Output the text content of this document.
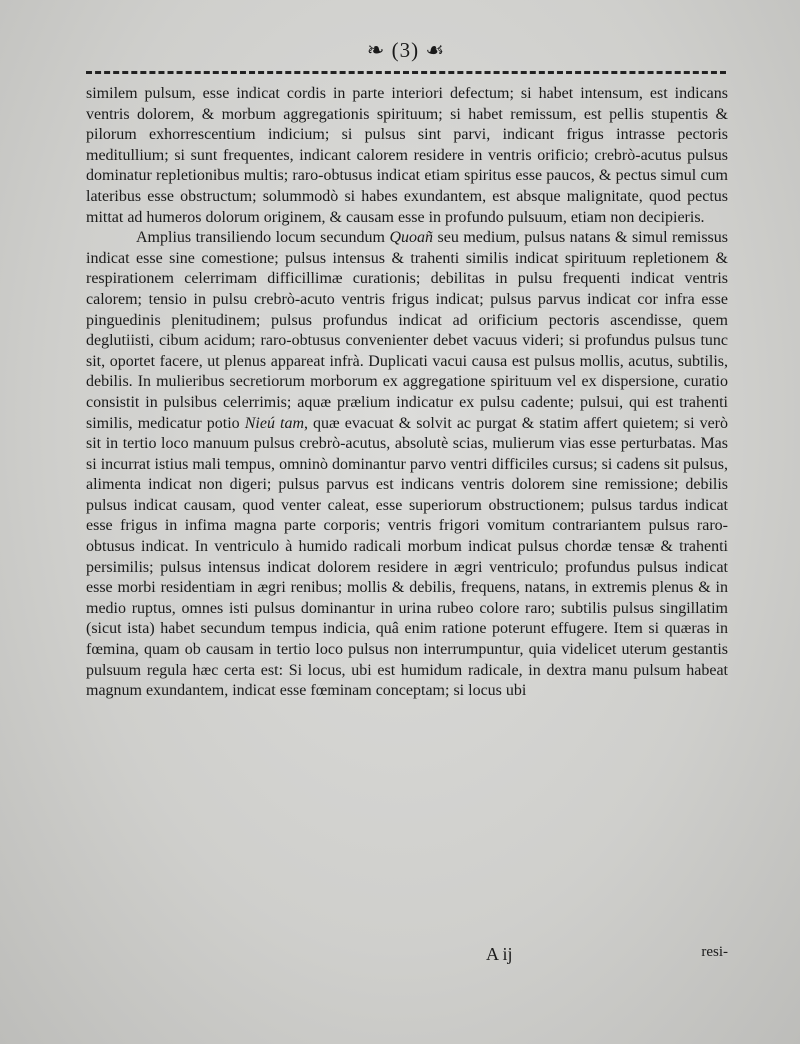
❧ (3) ☙

similem pulsum, esse indicat cordis in parte interiori defectum; si habet intensum, est indicans ventris dolorem, & morbum aggregationis spirituum; si habet remissum, est pellis stupentis & pilorum exhorrescentium indicium; si pulsus sint parvi, indicant frigus intrasse pectoris meditullium; si sunt frequentes, indicant calorem residere in ventris orificio; crebrò-acutus pulsus dominatur repletionibus multis; raro-obtusus indicat etiam spiritus esse paucos, & pectus simul cum lateribus esse obstructum; solummodò si habes exundantem, est absque malignitate, quod pectus mittat ad humeros dolorum originem, & causam esse in profundo pulsuum, etiam non decipieris.

Amplius transiliendo locum secundum Quoañ seu medium, pulsus natans & simul remissus indicat esse sine comestione; pulsus intensus & trahenti similis indicat spirituum repletionem & respirationem celerrimam difficillimæ curationis; debilitas in pulsu frequenti indicat ventris calorem; tensio in pulsu crebrò-acuto ventris frigus indicat; pulsus parvus indicat cor infra esse pinguedinis plenitudinem; pulsus profundus indicat ad orificium pectoris ascendisse, quem deglutiisti, cibum acidum; raro-obtusus convenienter debet vacuus videri; si profundus pulsus tunc sit, oportet facere, ut plenus appareat infrà. Duplicati vacui causa est pulsus mollis, acutus, subtilis, debilis. In mulieribus secretiorum morborum ex aggregatione spirituum vel ex dispersione, curatio consistit in pulsibus celerrimis; aquæ prælium indicatur ex pulsu cadente; pulsui, qui est trahenti similis, medicatur potio Nieú tam, quæ evacuat & solvit ac purgat & statim affert quietem; si verò sit in tertio loco manuum pulsus crebrò-acutus, absolutè scias, mulierum vias esse perturbatas. Mas si incurrat istius mali tempus, omninò dominantur parvo ventri difficiles cursus; si cadens sit pulsus, alimenta indicat non digeri; pulsus parvus est indicans ventris dolorem sine remissione; debilis pulsus indicat causam, quod venter caleat, esse superiorum obstructionem; pulsus tardus indicat esse frigus in infima magna parte corporis; ventris frigori vomitum contrariantem pulsus raro-obtusus indicat. In ventriculo à humido radicali morbum indicat pulsus chordæ tensæ & trahenti persimilis; pulsus intensus indicat dolorem residere in ægri ventriculo; profundus pulsus indicat esse morbi residentiam in ægri renibus; mollis & debilis, frequens, natans, in extremis plenus & in medio ruptus, omnes isti pulsus dominantur in urina rubeo colore raro; subtilis pulsus singillatim (sicut ista) habet secundum tempus indicia, quâ enim ratione poterunt effugere. Item si quæras in fœmina, quam ob causam in tertio loco pulsus non interrumpuntur, quia videlicet uterum gestantis pulsuum regula hæc certa est: Si locus, ubi est humidum radicale, in dextra manu pulsum habeat magnum exundantem, indicat esse fœminam conceptam; si locus ubi

A ij	resi-
